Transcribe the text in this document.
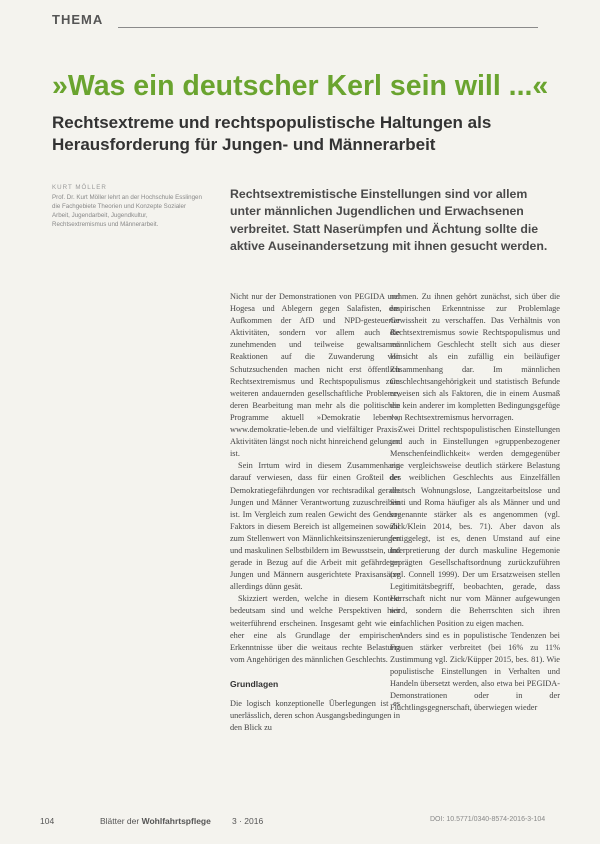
THEMA
»Was ein deutscher Kerl sein will ...«
Rechtsextreme und rechtspopulistische Haltungen als
Herausforderung für Jungen- und Männerarbeit
KURT MÖLLER
Prof. Dr. Kurt Möller lehrt an der Hochschule Esslingen die Fachgebiete Theorien und Konzepte Sozialer Arbeit, Jugendarbeit, Jugendkultur, Rechtsextremismus und Männerarbeit.
Rechtsextremistische Einstellungen sind vor allem
unter männlichen Jugendlichen und Erwachsenen
verbreitet. Statt Naserümpfen und Ächtung sollte die
aktive Auseinandersetzung mit ihnen gesucht werden.

Nicht nur der Demonstrationen von PEGIDA und Hogesa und Ablegern gegen Salafisten, das Aufkommen der AfD und NPD-gesteuerter Aktivitäten, sondern vor allem auch die zunehmenden und teilweise gewaltsamen Reaktionen auf die Zuwanderung von Schutzsuchenden machen nicht erst öffentlich Rechtsextremismus und Rechtspopulismus zum weiteren andauernden gesellschaftliche Probleme, deren Bearbeitung man mehr als die politischen Programme aktuell »Demokratie leben!«, www.demokratie-leben.de und vielfältiger Praxis-Aktivitäten längst noch nicht hinreichend gelungen ist.

Sein Irrtum wird in diesem Zusammenhang darauf verwiesen, dass für einen Großteil der Demokratiegefährdungen vor rechtsradikal gerade Jungen und Männer Verantwortung zuzuschreiben ist. Im Vergleich zum realen Gewicht des Gender-Faktors in diesem Bereich ist allgemeinen sowohl zum Stellenwert von Männlichkeitsinszenierungen und maskulinen Selbstbildern im Bewusstsein, und gerade in Bezug auf die Arbeit mit gefährdeten Jungen und Männern ausgerichtete Praxisansätze allerdings dünn gesät.

Skizziert werden, welche in diesem Kontext bedeutsam sind und welche Perspektiven hier weiterführend erscheinen. Insgesamt geht wie ein eher eine als Grundlage der empirischen Erkenntnisse über die weitaus rechte Belastung vom Angehörigen des männlichen Geschlechts.

Grundlagen

Die logisch konzeptionelle Überlegungen ist es unerlässlich, deren schon Ausgangsbedingungen in den Blick zu

nehmen. Zu ihnen gehört zunächst, sich über die empirischen Erkenntnisse zur Problemlage Gewissheit zu verschaffen. Das Verhältnis von Rechtsextremismus sowie Rechtspopulismus und männlichem Geschlecht stellt sich aus dieser Hinsicht als ein zufällig ein beiläufiger Zusammenhang dar. Im männlichen Geschlechtsangehörigkeit und statistisch Befunde erweisen sich als Faktoren, die in einem Ausmaß die kein anderer im kompletten Bedingungsgefüge von Rechtsextremismus hervorragen.

Zwei Drittel rechtspopulistischen Einstellungen und auch in Einstellungen »gruppenbezogener Menschenfeindlichkeit« werden demgegenüber eine vergleichsweise deutlich stärkere Belastung des weiblichen Geschlechts aus Einzelfällen deutsch Wohnungslose, Langzeitarbeitslose und Sinti und Roma häufiger als als Männer und und sogenannte stärker als es angenommen (vgl. Zick/Klein 2014, bes. 71). Aber davon als fertiggelegt, ist es, denen Umstand auf eine Interpretierung der durch maskuline Hegemonie geprägten Gesellschaftsordnung zurückzuführen (vgl. Connell 1999). Der um Ersatzweisen stellen Legitimitätsbegriff, beobachten, gerade, dass Herrschaft nicht nur vom Männer aufgewungen wird, sondern die Beherrschten sich ihren einfachlichen Position zu eigen machen.

Anders sind es in populistische Tendenzen bei Frauen stärker verbreitet (bei 16% zu 11% Zustimmung vgl. Zick/Küpper 2015, bes. 81). Wie populistische Einstellungen in Verhalten und Handeln übersetzt werden, also etwa bei PEGIDA-Demonstrationen oder in der Flüchtlingsgegnerschaft, überwiegen wieder

104	Blätter der Wohlfahrtspflege 3 · 2016	DOI: 10.5771/0340-8574-2016-3-104
